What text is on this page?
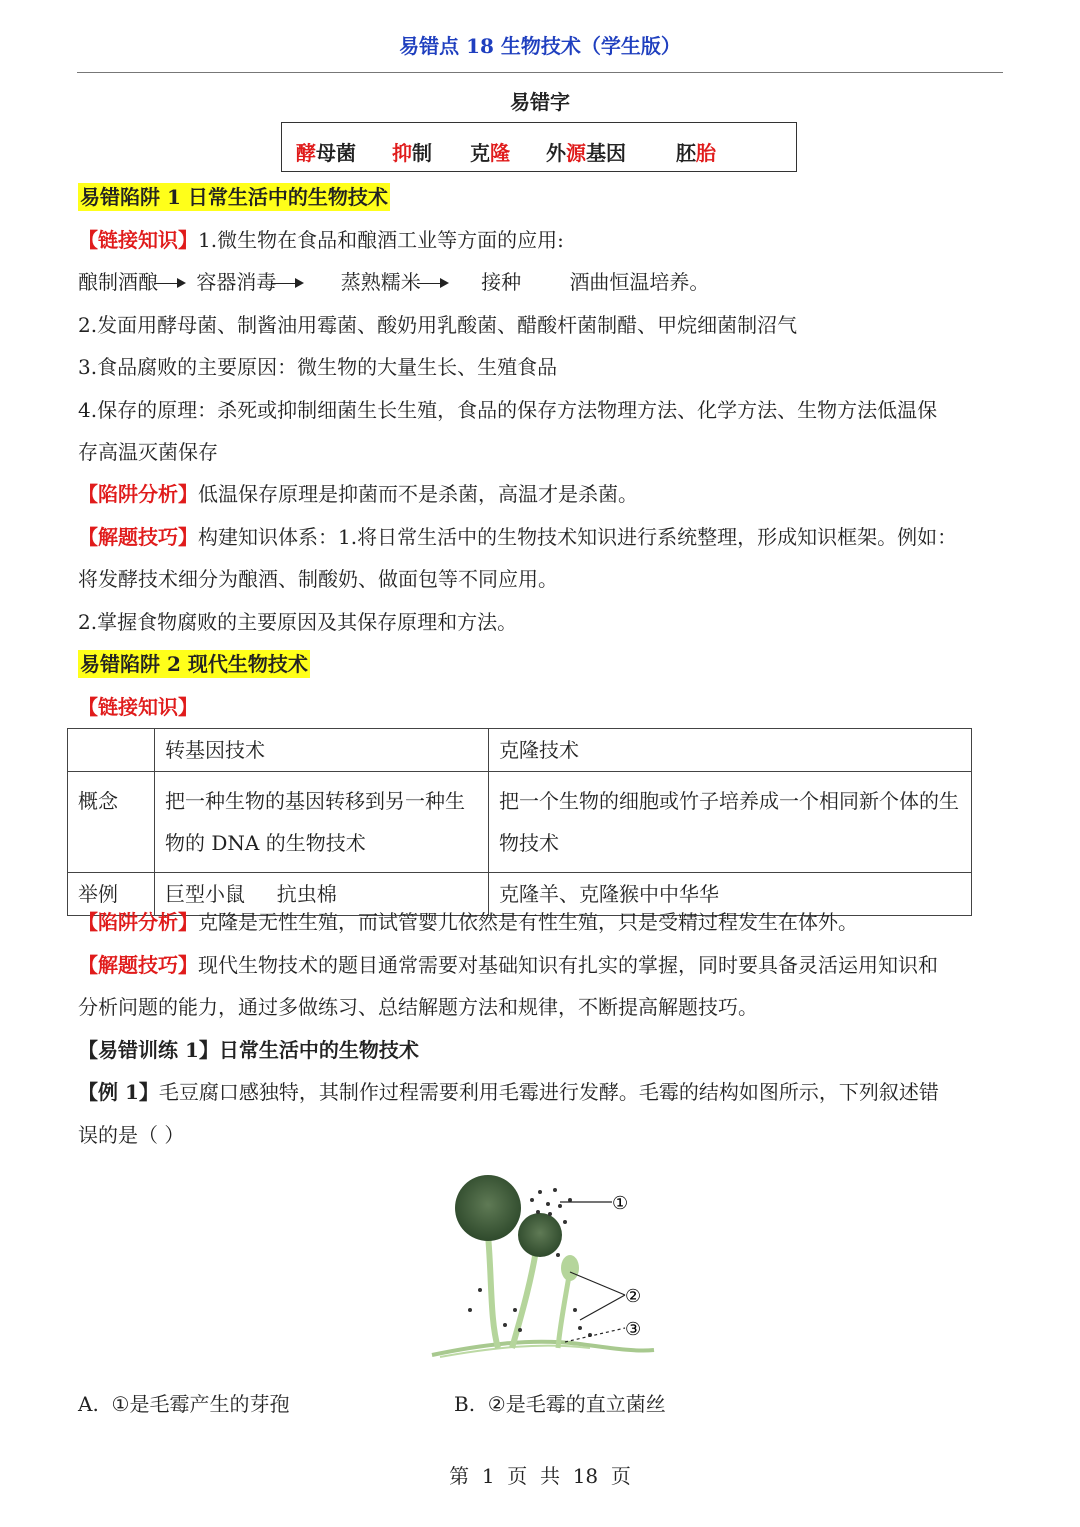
易错点 18 生物技术（学生版）
易错字
酵母菌 抑制 克隆 外源基因	胚胎
易错陷阱 1 日常生活中的生物技术
【链接知识】1.微生物在食品和酿酒工业等方面的应用:
酿制酒酿 容器消毒	蒸熟糯米	接种 酒曲恒温培养。
2.发面用酵母菌、制酱油用霉菌、酸奶用乳酸菌、醋酸杆菌制醋、甲烷细菌制沼气
3.食品腐败的主要原因：微生物的大量生长、生殖食品
4.保存的原理：杀死或抑制细菌生长生殖，食品的保存方法物理方法、化学方法、生物方法低温保
存高温灭菌保存
【陷阱分析】低温保存原理是抑菌而不是杀菌，高温才是杀菌。
【解题技巧】构建知识体系：1.将日常生活中的生物技术知识进行系统整理，形成知识框架。例如：
将发酵技术细分为酿酒、制酸奶、做面包等不同应用。
2.掌握食物腐败的主要原因及其保存原理和方法。
易错陷阱 2 现代生物技术
【链接知识】
	转基因技术	克隆技术
概念	把一种生物的基因转移到另一种生物的 DNA 的生物技术	把一个生物的细胞或竹子培养成一个相同新个体的生物技术
举例	巨型小鼠     抗虫棉	克隆羊、克隆猴中中华华
【陷阱分析】克隆是无性生殖，而试管婴儿依然是有性生殖，只是受精过程发生在体外。
【解题技巧】现代生物技术的题目通常需要对基础知识有扎实的掌握，同时要具备灵活运用知识和
分析问题的能力，通过多做练习、总结解题方法和规律，不断提高解题技巧。
【易错训练 1】日常生活中的生物技术
【例 1】毛豆腐口感独特，其制作过程需要利用毛霉进行发酵。毛霉的结构如图所示，下列叙述错
误的是（ ）
①
②
③
A. ①是毛霉产生的芽孢	B. ②是毛霉的直立菌丝
第  1  页  共  18  页
